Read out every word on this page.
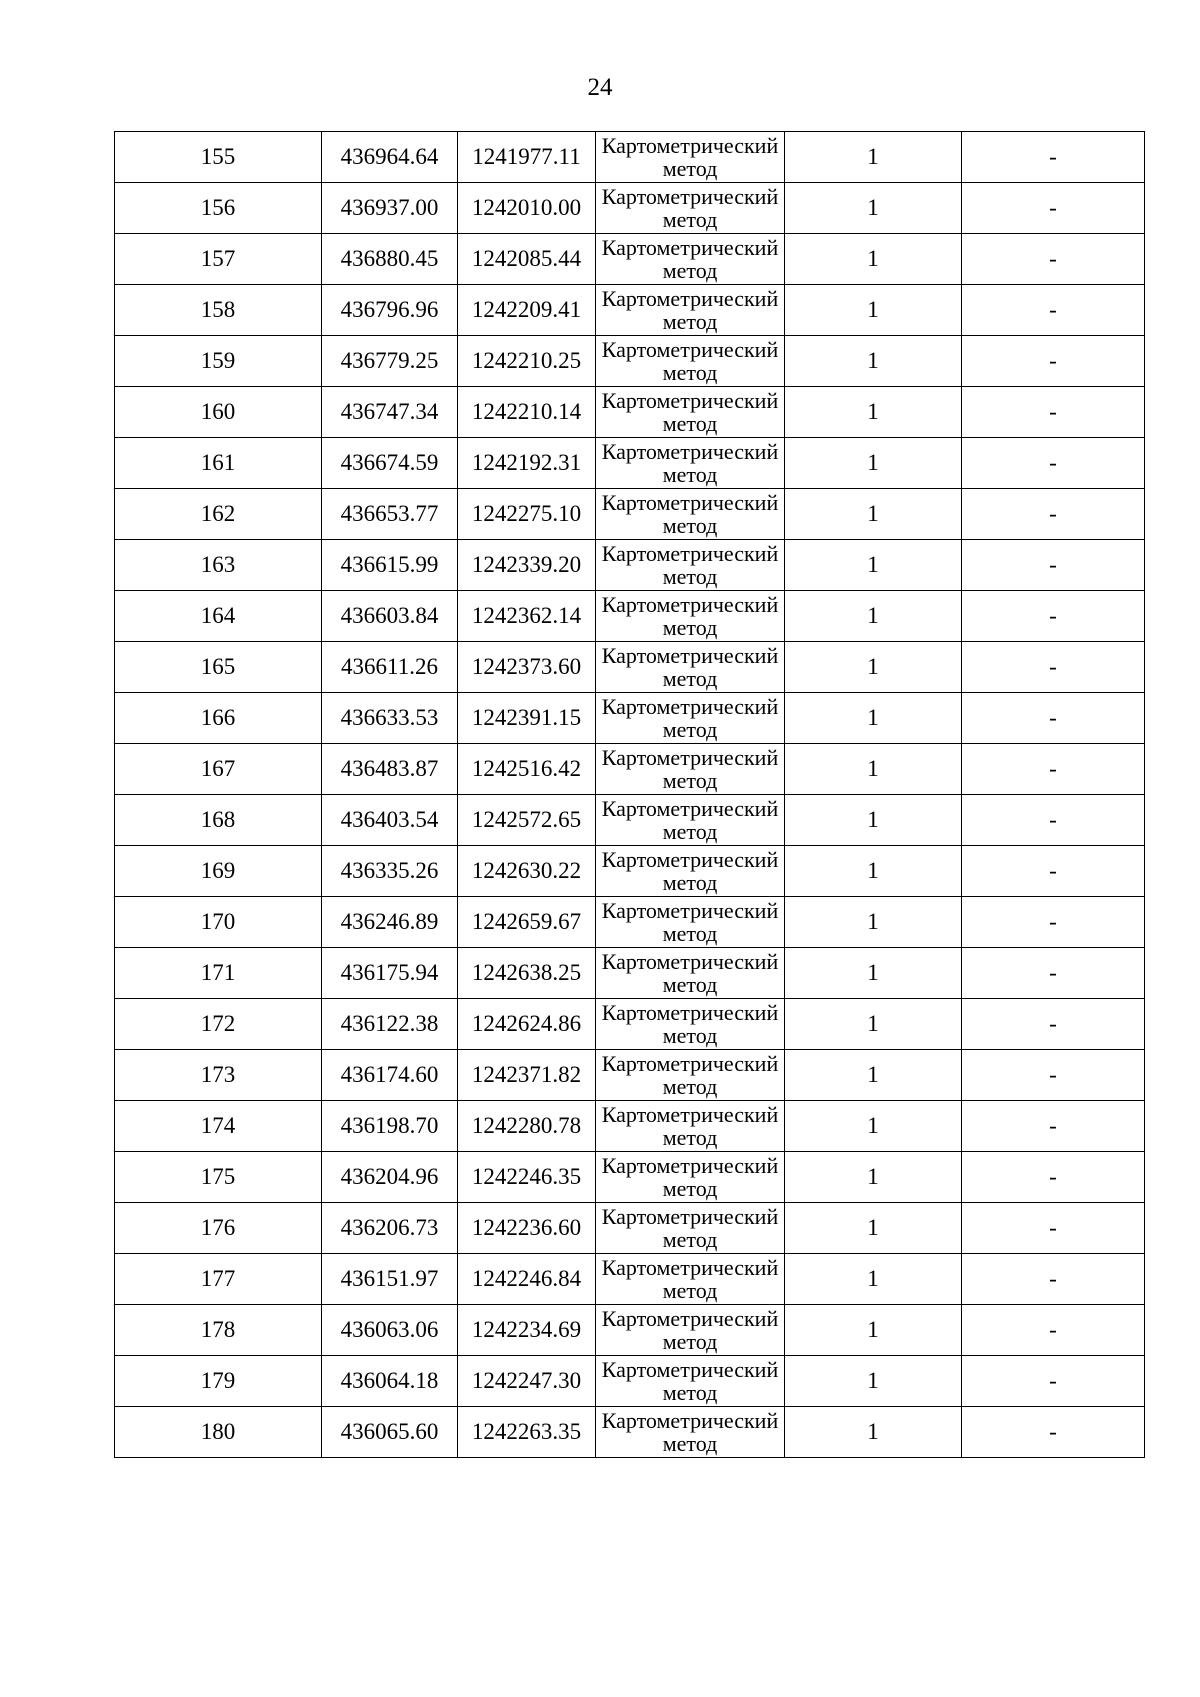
24
155	436964.64	1241977.11	Картометрический метод	1	-
156	436937.00	1242010.00	Картометрический метод	1	-
157	436880.45	1242085.44	Картометрический метод	1	-
158	436796.96	1242209.41	Картометрический метод	1	-
159	436779.25	1242210.25	Картометрический метод	1	-
160	436747.34	1242210.14	Картометрический метод	1	-
161	436674.59	1242192.31	Картометрический метод	1	-
162	436653.77	1242275.10	Картометрический метод	1	-
163	436615.99	1242339.20	Картометрический метод	1	-
164	436603.84	1242362.14	Картометрический метод	1	-
165	436611.26	1242373.60	Картометрический метод	1	-
166	436633.53	1242391.15	Картометрический метод	1	-
167	436483.87	1242516.42	Картометрический метод	1	-
168	436403.54	1242572.65	Картометрический метод	1	-
169	436335.26	1242630.22	Картометрический метод	1	-
170	436246.89	1242659.67	Картометрический метод	1	-
171	436175.94	1242638.25	Картометрический метод	1	-
172	436122.38	1242624.86	Картометрический метод	1	-
173	436174.60	1242371.82	Картометрический метод	1	-
174	436198.70	1242280.78	Картометрический метод	1	-
175	436204.96	1242246.35	Картометрический метод	1	-
176	436206.73	1242236.60	Картометрический метод	1	-
177	436151.97	1242246.84	Картометрический метод	1	-
178	436063.06	1242234.69	Картометрический метод	1	-
179	436064.18	1242247.30	Картометрический метод	1	-
180	436065.60	1242263.35	Картометрический метод	1	-
